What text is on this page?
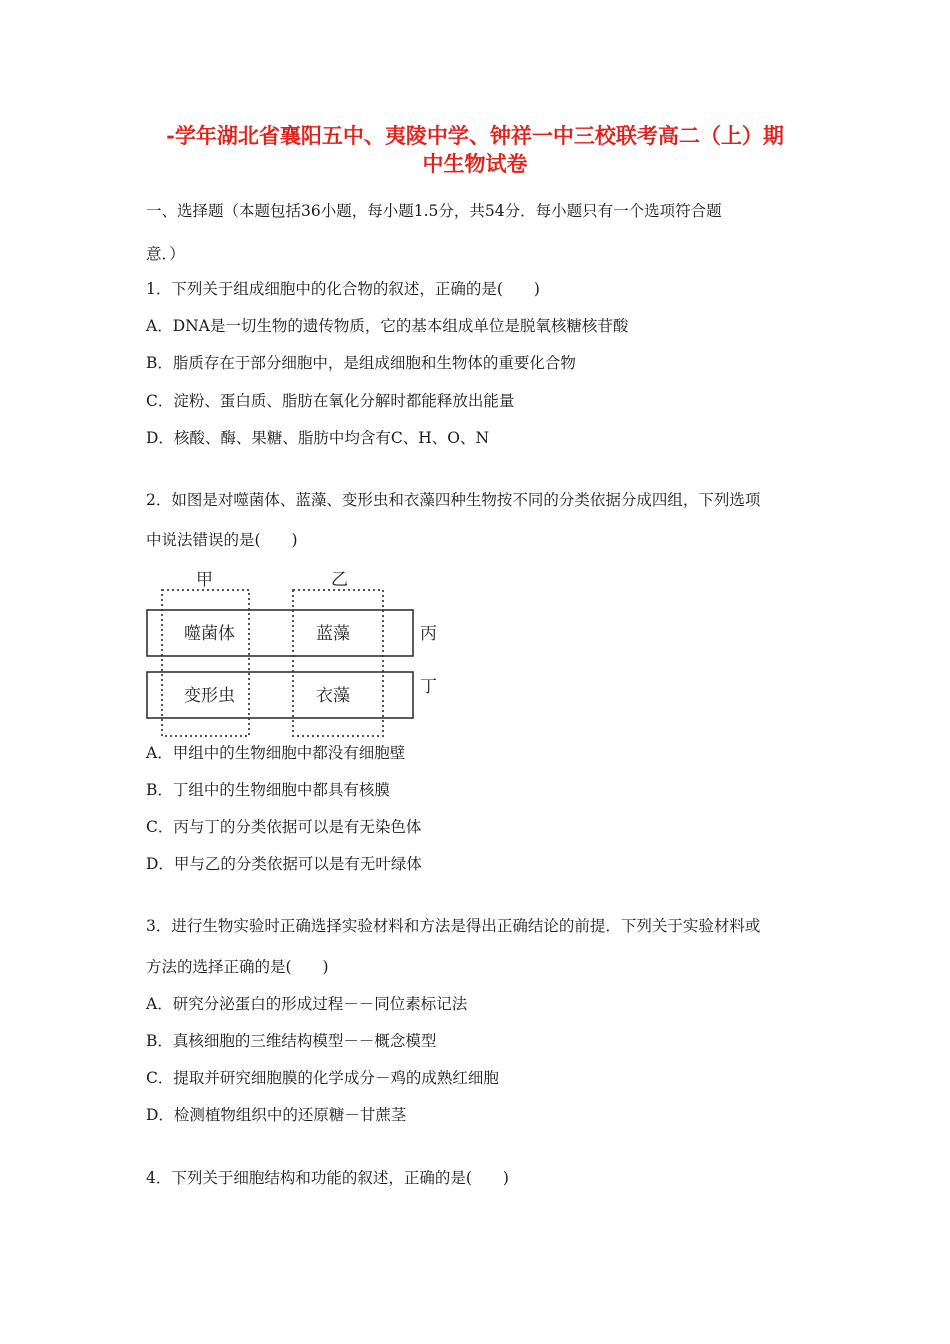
-学年湖北省襄阳五中、夷陵中学、钟祥一中三校联考高二（上）期
中生物试卷
一、选择题（本题包括36小题，每小题1.5分，共54分．每小题只有一个选项符合题
意．）
1．下列关于组成细胞中的化合物的叙述，正确的是(　　)
A．DNA是一切生物的遗传物质，它的基本组成单位是脱氧核糖核苷酸
B．脂质存在于部分细胞中，是组成细胞和生物体的重要化合物
C．淀粉、蛋白质、脂肪在氧化分解时都能释放出能量
D．核酸、酶、果糖、脂肪中均含有C、H、O、N
2．如图是对噬菌体、蓝藻、变形虫和衣藻四种生物按不同的分类依据分成四组，下列选项
中说法错误的是(　　)
甲	乙
丙
丁
噬菌体	蓝藻
变形虫	衣藻
A．甲组中的生物细胞中都没有细胞壁
B．丁组中的生物细胞中都具有核膜
C．丙与丁的分类依据可以是有无染色体
D．甲与乙的分类依据可以是有无叶绿体
3．进行生物实验时正确选择实验材料和方法是得出正确结论的前提．下列关于实验材料或
方法的选择正确的是(　　)
A．研究分泌蛋白的形成过程－－同位素标记法
B．真核细胞的三维结构模型－－概念模型
C．提取并研究细胞膜的化学成分－鸡的成熟红细胞
D．检测植物组织中的还原糖－甘蔗茎
4．下列关于细胞结构和功能的叙述，正确的是(　　)
